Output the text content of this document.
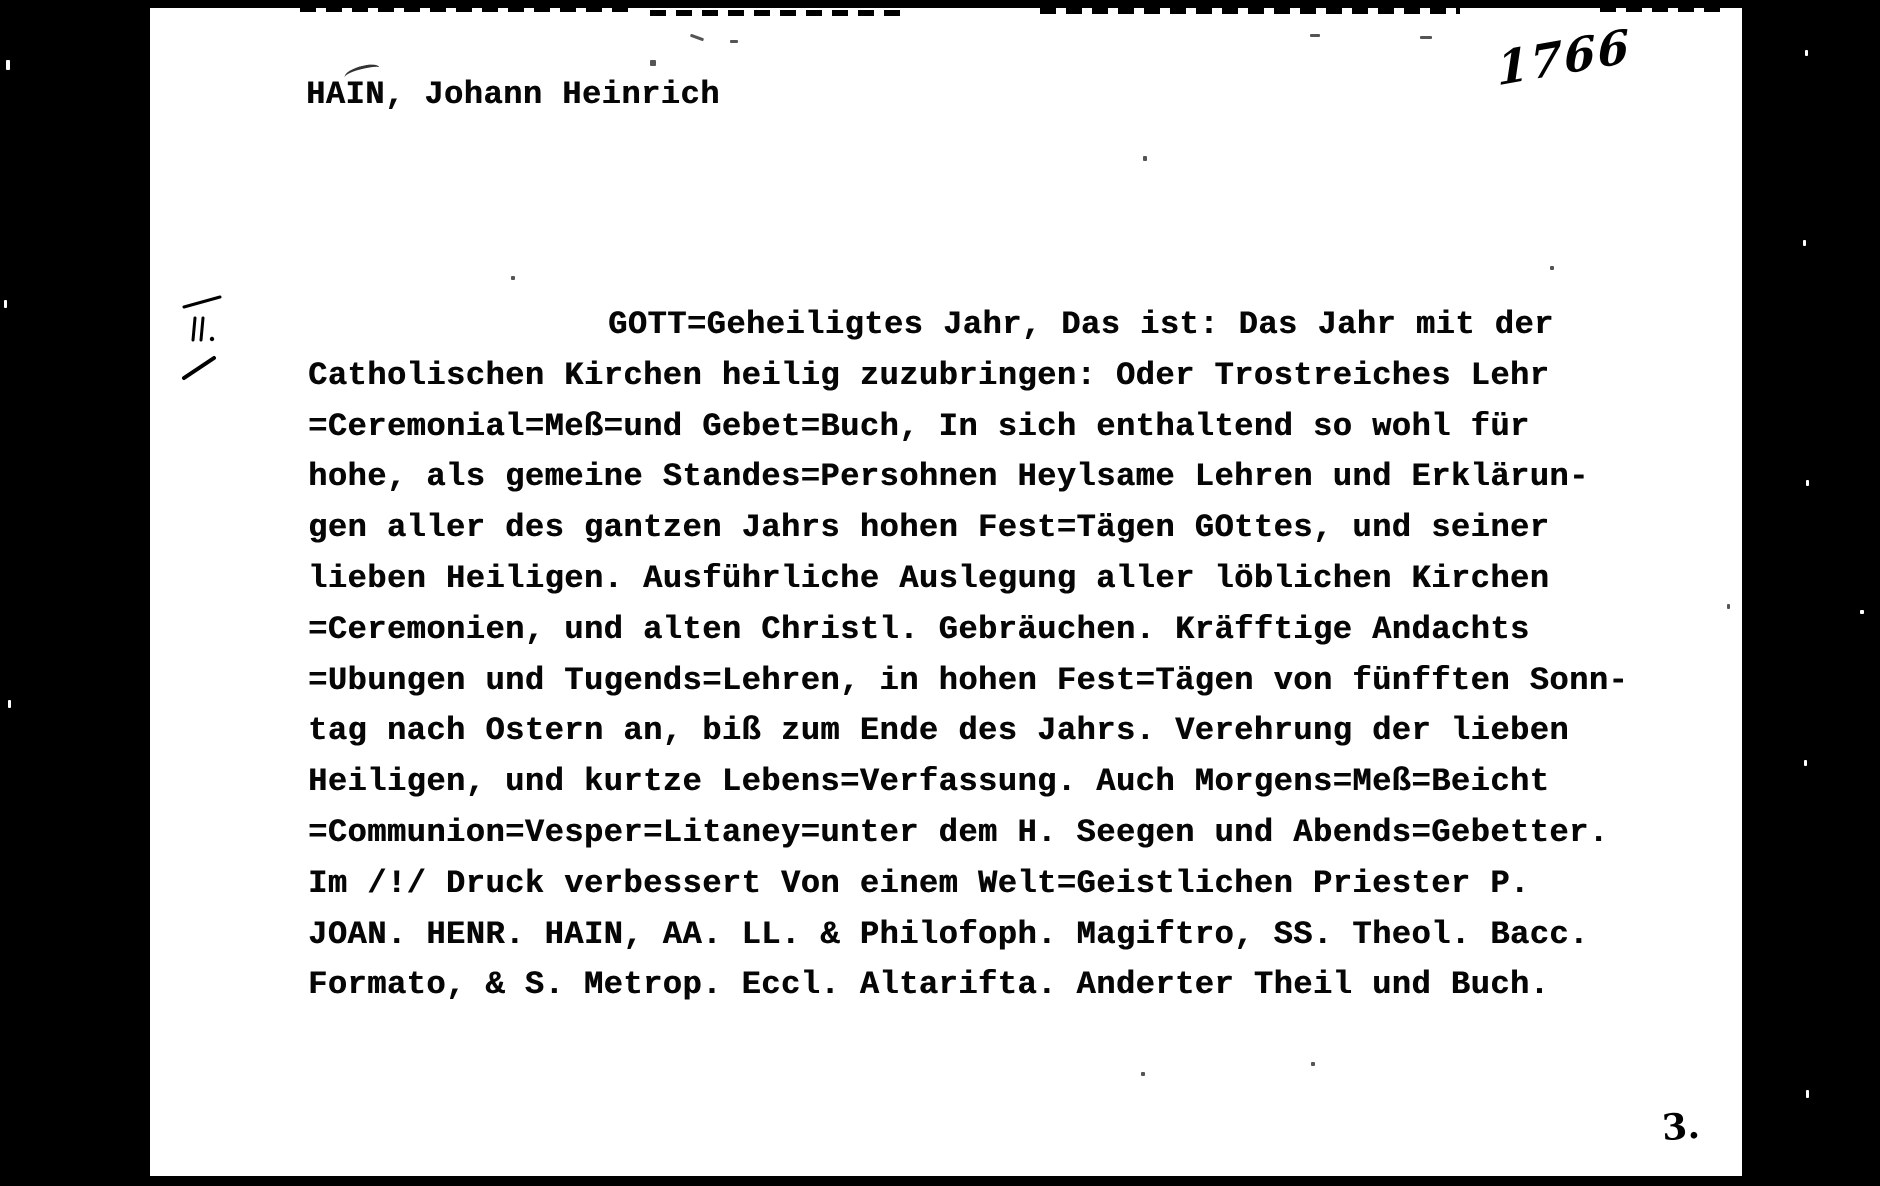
1766
HAIN, Johann Heinrich
GOTT=Geheiligtes Jahr, Das ist: Das Jahr mit der
Catholischen Kirchen heilig zuzubringen: Oder Trostreiches Lehr
=Ceremonial=Meß=und Gebet=Buch, In sich enthaltend so wohl für
hohe, als gemeine Standes=Persohnen Heylsame Lehren und Erklärun-
gen aller des gantzen Jahrs hohen Fest=Tägen GOttes, und seiner
lieben Heiligen. Ausführliche Auslegung aller löblichen Kirchen
=Ceremonien, und alten Christl. Gebräuchen. Kräfftige Andachts
=Ubungen und Tugends=Lehren, in hohen Fest=Tägen von fünfften Sonn-
tag nach Ostern an, biß zum Ende des Jahrs. Verehrung der lieben
Heiligen, und kurtze Lebens=Verfassung. Auch Morgens=Meß=Beicht
=Communion=Vesper=Litaney=unter dem H. Seegen und Abends=Gebetter.
Im /!/ Druck verbessert Von einem Welt=Geistlichen Priester P.
JOAN. HENR. HAIN, AA. LL. & Philofoph. Magiftro, SS. Theol. Bacc.
Formato, & S. Metrop. Eccl. Altarifta. Anderter Theil und Buch.
3.
